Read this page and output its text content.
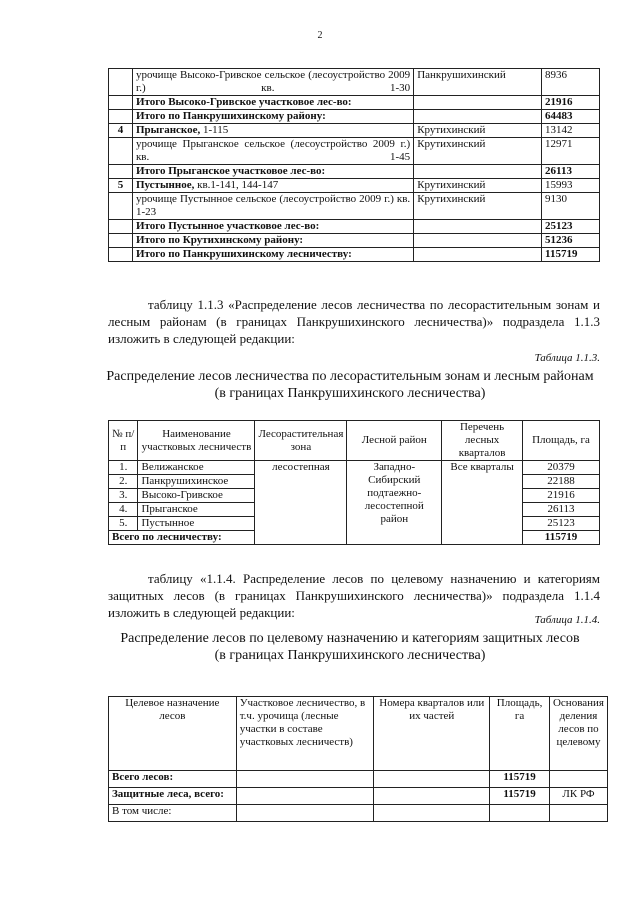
2
	урочище Высоко-Гривское сельское (лесоустройство 2009 г.) кв. 1-30	Панкрушихинский	8936
	Итого Высоко-Гривское участковое лес-во:		21916
	Итого по Панкрушихинскому району:		64483
4	Прыганское, 1-115	Крутихинский	13142
	урочище Прыганское сельское (лесоустройство 2009 г.) кв. 1-45	Крутихинский	12971
	Итого Прыганское участковое лес-во:		26113
5	Пустынное, кв.1-141, 144-147	Крутихинский	15993
	урочище Пустынное сельское (лесоустройство 2009 г.) кв. 1-23	Крутихинский	9130
	Итого Пустынное участковое лес-во:		25123
	Итого по Крутихинскому району:		51236
	Итого по Панкрушихинскому лесничеству:		115719
таблицу 1.1.3 «Распределение лесов лесничества по лесорастительным зонам и лесным районам (в границах Панкрушихинского лесничества)» подраздела 1.1.3 изложить в следующей редакции:
Таблица 1.1.3.
Распределение лесов лесничества по лесорастительным зонам и лесным районам
(в границах Панкрушихинского лесничества)
№ п/п	Наименование участковых лесничеств	Лесорастительная зона	Лесной район	Перечень лесных кварталов	Площадь, га
1.	Велижанское	лесостепная	Западно-Сибирский подтаежно-лесостепной район	Все кварталы	20379
2.	Панкрушихинское				22188
3.	Высоко-Гривское				21916
4.	Прыганское				26113
5.	Пустынное				25123
Всего по лесничеству:					115719
таблицу «1.1.4. Распределение лесов по целевому назначению и категориям защитных лесов (в границах Панкрушихинского лесничества)» подраздела 1.1.4 изложить в следующей редакции:	Таблица 1.1.4.
Распределение лесов по целевому назначению и категориям защитных лесов
(в границах Панкрушихинского лесничества)
Целевое назначение лесов	Участковое лесничество, в т.ч. урочища (лесные участки в составе участковых лесничеств)	Номера кварталов или их частей	Площадь, га	Основания деления лесов по целевому
Всего лесов:			115719	
Защитные леса, всего:			115719	ЛК РФ
В том числе:				
